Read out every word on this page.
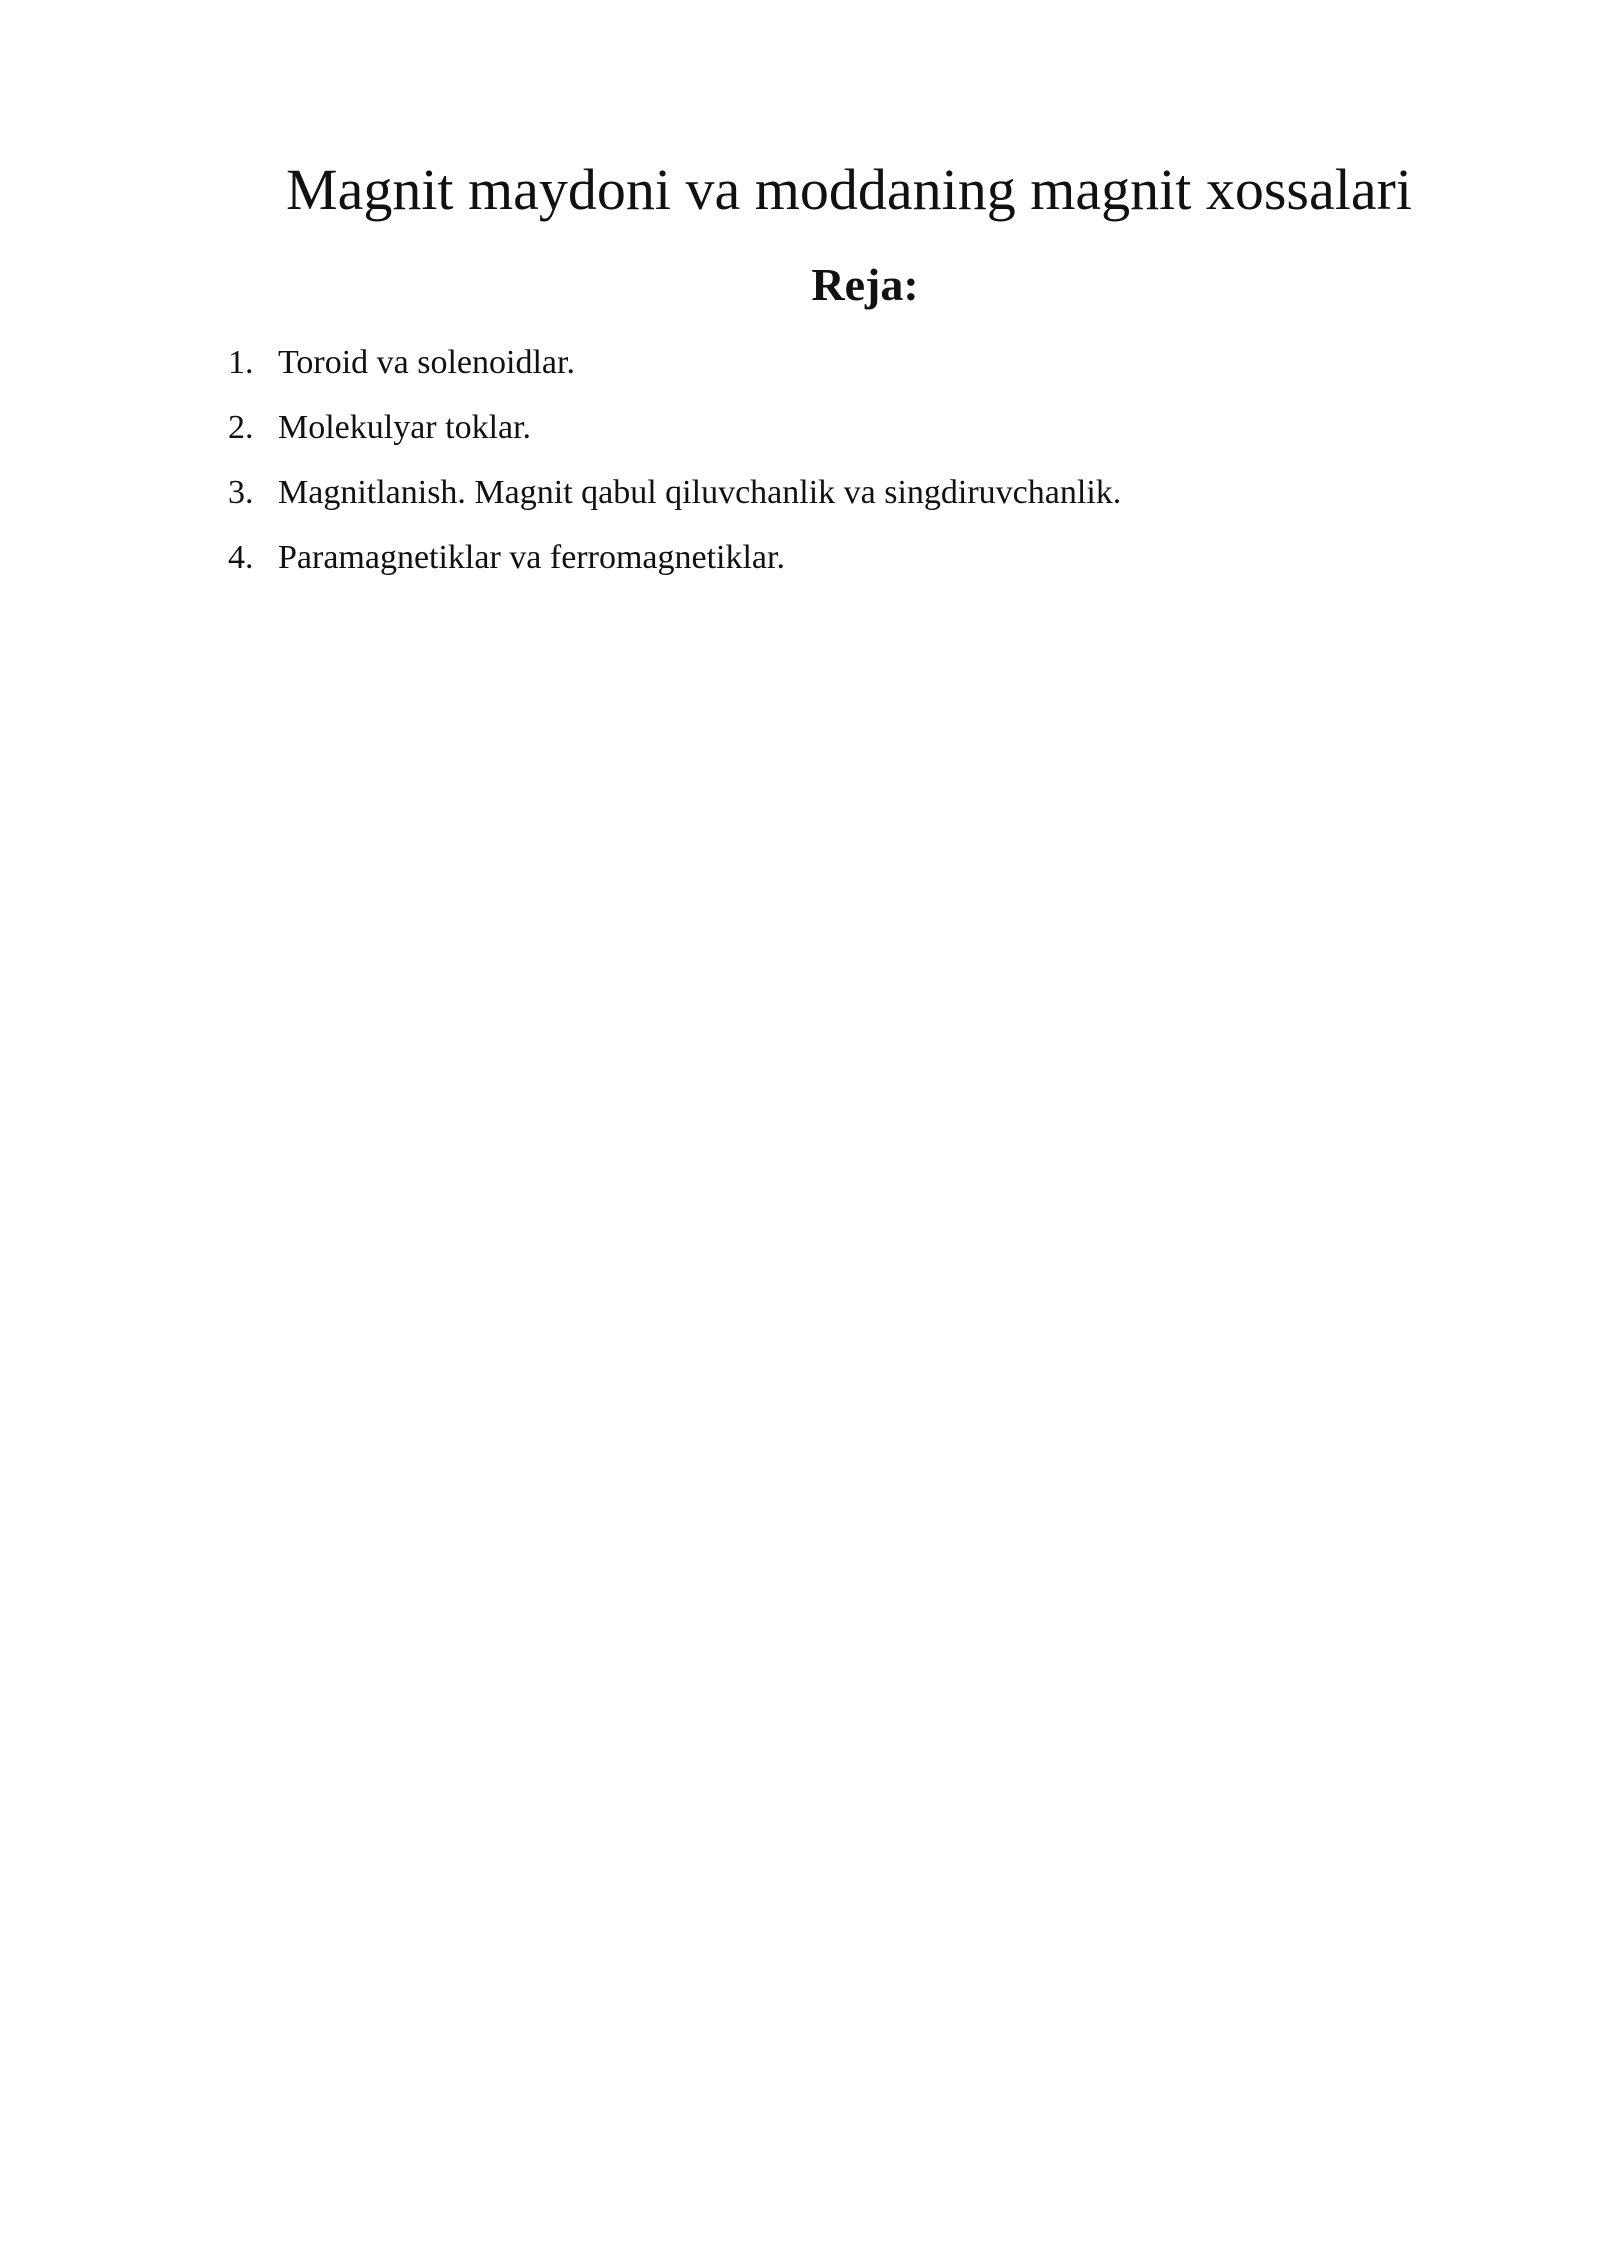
Magnit maydoni va moddaning magnit xossalari
Reja:
1. Toroid va solenoidlar.
2. Molekulyar toklar.
3. Magnitlanish. Magnit qabul qiluvchanlik va singdiruvchanlik.
4. Paramagnetiklar va ferromagnetiklar.
